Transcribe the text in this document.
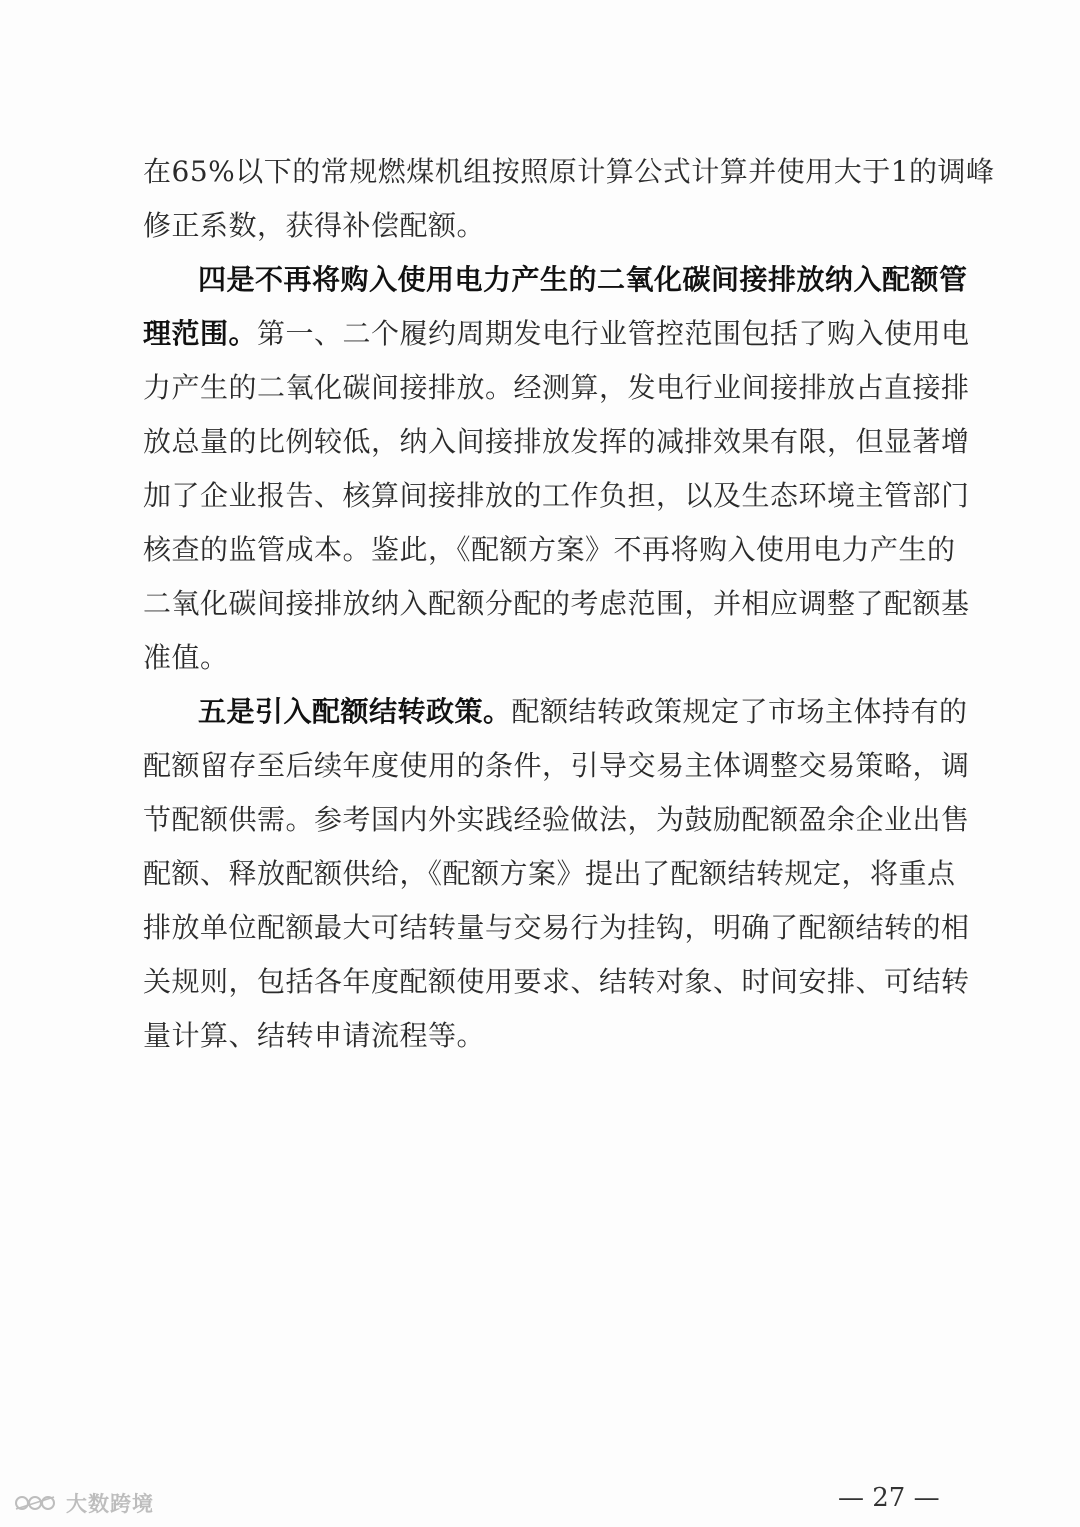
在65%以下的常规燃煤机组按照原计算公式计算并使用大于1的调峰
修正系数，获得补偿配额。
四是不再将购入使用电力产生的二氧化碳间接排放纳入配额管
理范围。第一、二个履约周期发电行业管控范围包括了购入使用电
力产生的二氧化碳间接排放。经测算，发电行业间接排放占直接排
放总量的比例较低，纳入间接排放发挥的减排效果有限，但显著增
加了企业报告、核算间接排放的工作负担，以及生态环境主管部门
核查的监管成本。鉴此，《配额方案》不再将购入使用电力产生的
二氧化碳间接排放纳入配额分配的考虑范围，并相应调整了配额基
准值。
五是引入配额结转政策。配额结转政策规定了市场主体持有的
配额留存至后续年度使用的条件，引导交易主体调整交易策略，调
节配额供需。参考国内外实践经验做法，为鼓励配额盈余企业出售
配额、释放配额供给，《配额方案》提出了配额结转规定，将重点
排放单位配额最大可结转量与交易行为挂钩，明确了配额结转的相
关规则，包括各年度配额使用要求、结转对象、时间安排、可结转
量计算、结转申请流程等。
— 27 —
大数跨境
